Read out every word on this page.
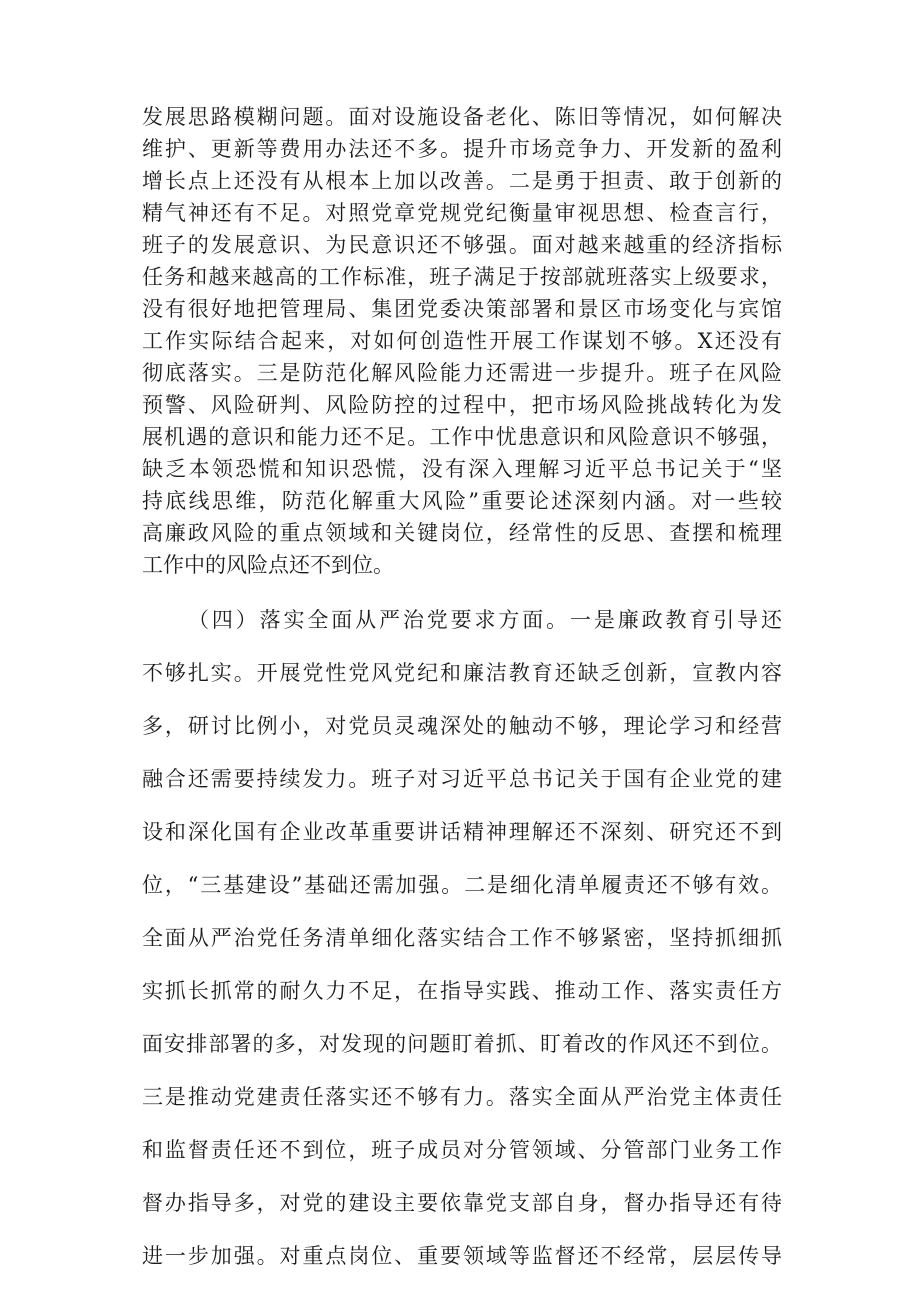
发展思路模糊问题。面对设施设备老化、陈旧等情况，如何解决
维护、更新等费用办法还不多。提升市场竞争力、开发新的盈利
增长点上还没有从根本上加以改善。二是勇于担责、敢于创新的
精气神还有不足。对照党章党规党纪衡量审视思想、检查言行，
班子的发展意识、为民意识还不够强。面对越来越重的经济指标
任务和越来越高的工作标准，班子满足于按部就班落实上级要求，
没有很好地把管理局、集团党委决策部署和景区市场变化与宾馆
工作实际结合起来，对如何创造性开展工作谋划不够。X还没有
彻底落实。三是防范化解风险能力还需进一步提升。班子在风险
预警、风险研判、风险防控的过程中，把市场风险挑战转化为发
展机遇的意识和能力还不足。工作中忧患意识和风险意识不够强，
缺乏本领恐慌和知识恐慌，没有深入理解习近平总书记关于“坚
持底线思维，防范化解重大风险”重要论述深刻内涵。对一些较
高廉政风险的重点领域和关键岗位，经常性的反思、查摆和梳理
工作中的风险点还不到位。
（四）落实全面从严治党要求方面。一是廉政教育引导还
不够扎实。开展党性党风党纪和廉洁教育还缺乏创新，宣教内容
多，研讨比例小，对党员灵魂深处的触动不够，理论学习和经营
融合还需要持续发力。班子对习近平总书记关于国有企业党的建
设和深化国有企业改革重要讲话精神理解还不深刻、研究还不到
位，“三基建设”基础还需加强。二是细化清单履责还不够有效。
全面从严治党任务清单细化落实结合工作不够紧密，坚持抓细抓
实抓长抓常的耐久力不足，在指导实践、推动工作、落实责任方
面安排部署的多，对发现的问题盯着抓、盯着改的作风还不到位。
三是推动党建责任落实还不够有力。落实全面从严治党主体责任
和监督责任还不到位，班子成员对分管领域、分管部门业务工作
督办指导多，对党的建设主要依靠党支部自身，督办指导还有待
进一步加强。对重点岗位、重要领域等监督还不经常，层层传导
